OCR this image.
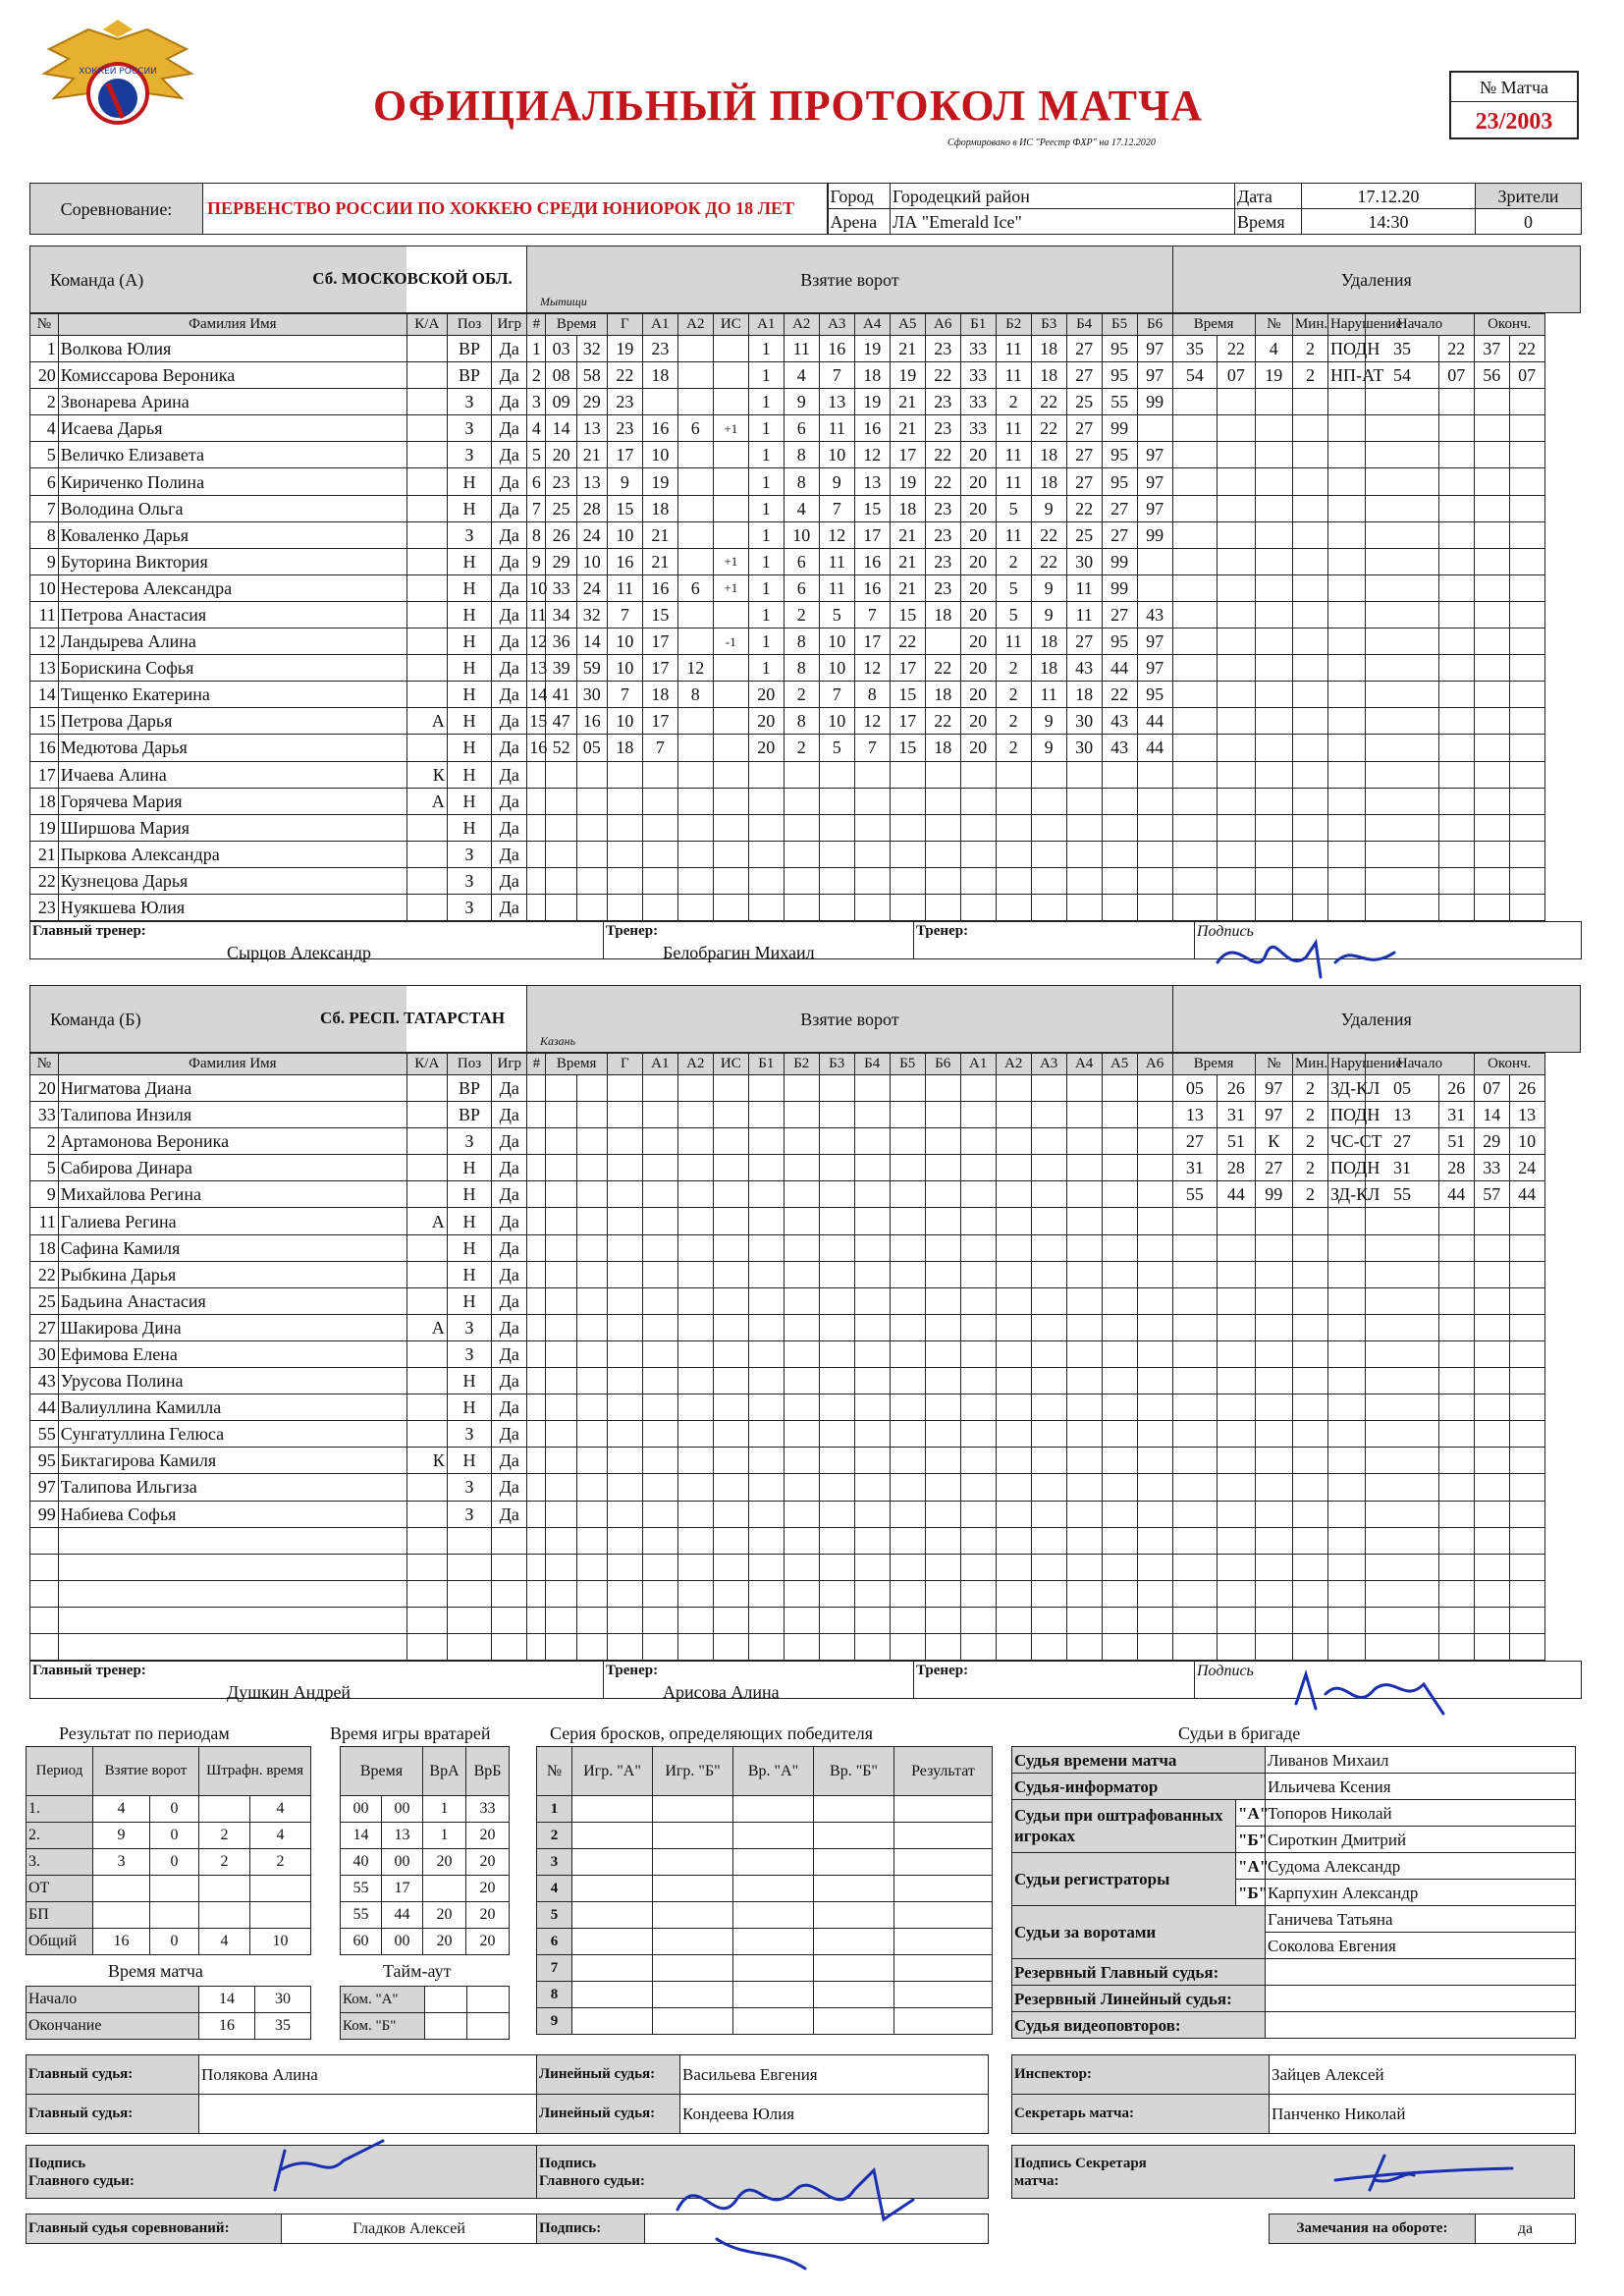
ХОККЕЙ РОССИИ
ОФИЦИАЛЬНЫЙ ПРОТОКОЛ МАТЧА
Сформировано в ИС "Реестр ФХР" на 17.12.2020
№ Матча
23/2003
Соревнование:	ПЕРВЕНСТВО РОССИИ ПО ХОККЕЮ СРЕДИ ЮНИОРОК ДО 18 ЛЕТ	Город	Городецкий район	Дата	17.12.20	Зрители
		Арена	ЛА "Emerald Ice"	Время	14:30	0
Команда (А)		Взятие ворот	Удаления
№	Фамилия Имя	К/А	Поз	Игр	#	Время		Г	А1	А2	ИС	А1	А2	А3	А4	А5	А6	Б1	Б2	Б3	Б4	Б5	Б6	Время		№	Мин.	Нарушение	Начало		Оконч.
1	Волкова Юлия		ВР	Да	1	03	32	19	23			1	11	16	19	21	23	33	11	18	27	95	97	35	22	4	2	ПОДН	35	22	37	22
20	Комиссарова Вероника		ВР	Да	2	08	58	22	18			1	4	7	18	19	22	33	11	18	27	95	97	54	07	19	2	НП-АТ	54	07	56	07
2	Звонарева Арина		З	Да	3	09	29	23				1	9	13	19	21	23	33	2	22	25	55	99									
4	Исаева Дарья		З	Да	4	14	13	23	16	6	+1	1	6	11	16	21	23	33	11	22	27	99										
5	Величко Елизавета		З	Да	5	20	21	17	10			1	8	10	12	17	22	20	11	18	27	95	97									
6	Кириченко Полина		Н	Да	6	23	13	9	19			1	8	9	13	19	22	20	11	18	27	95	97									
7	Володина Ольга		Н	Да	7	25	28	15	18			1	4	7	15	18	23	20	5	9	22	27	97									
8	Коваленко Дарья		З	Да	8	26	24	10	21			1	10	12	17	21	23	20	11	22	25	27	99									
9	Буторина Виктория		Н	Да	9	29	10	16	21		+1	1	6	11	16	21	23	20	2	22	30	99										
10	Нестерова Александра		Н	Да	10	33	24	11	16	6	+1	1	6	11	16	21	23	20	5	9	11	99										
11	Петрова Анастасия		Н	Да	11	34	32	7	15			1	2	5	7	15	18	20	5	9	11	27	43									
12	Ландырева Алина		Н	Да	12	36	14	10	17		-1	1	8	10	17	22		20	11	18	27	95	97									
13	Борискина Софья		Н	Да	13	39	59	10	17	12		1	8	10	12	17	22	20	2	18	43	44	97									
14	Тищенко Екатерина		Н	Да	14	41	30	7	18	8		20	2	7	8	15	18	20	2	11	18	22	95									
15	Петрова Дарья	А	Н	Да	15	47	16	10	17			20	8	10	12	17	22	20	2	9	30	43	44									
16	Медютова Дарья		Н	Да	16	52	05	18	7			20	2	5	7	15	18	20	2	9	30	43	44									
17	Ичаева Алина	К	Н	Да																												
18	Горячева Мария	А	Н	Да																												
19	Ширшова Мария		Н	Да																												
21	Пыркова Александра		З	Да																												
22	Кузнецова Дарья		З	Да																												
23	Нуякшева Юлия		З	Да																												
Главный тренер:
Сырцов Александр

Тренер:
Белобрагин Михаил

Тренер:	Подпись
Сб. МОСКОВСКОЙ ОБЛ.
Мытищи
Команда (Б)		Взятие ворот	Удаления
№	Фамилия Имя	К/А	Поз	Игр	#	Время		Г	А1	А2	ИС	Б1	Б2	Б3	Б4	Б5	Б6	А1	А2	А3	А4	А5	А6	Время		№	Мин.	Нарушение	Начало		Оконч.
20	Нигматова Диана		ВР	Да																				05	26	97	2	ЗД-КЛ	05	26	07	26
33	Талипова Инзиля		ВР	Да																				13	31	97	2	ПОДН	13	31	14	13
2	Артамонова Вероника		З	Да																				27	51	К	2	ЧС-СТ	27	51	29	10
5	Сабирова Динара		Н	Да																				31	28	27	2	ПОДН	31	28	33	24
9	Михайлова Регина		Н	Да																				55	44	99	2	ЗД-КЛ	55	44	57	44
11	Галиева Регина	А	Н	Да																												
18	Сафина Камиля		Н	Да																												
22	Рыбкина Дарья		Н	Да																												
25	Бадьина Анастасия		Н	Да																												
27	Шакирова Дина	А	З	Да																												
30	Ефимова Елена		З	Да																												
43	Урусова Полина		Н	Да																												
44	Валиуллина Камилла		Н	Да																												
55	Сунгатуллина Гелюса		З	Да																												
95	Биктагирова Камиля	К	Н	Да																												
97	Талипова Ильгиза		З	Да																												
99	Набиева Софья		З	Да																												

Главный тренер:
Душкин Андрей

Тренер:
Арисова Алина

Тренер:	Подпись
Сб. РЕСП. ТАТАРСТАН
Казань
Результат по периодам
Период	Взятие ворот		Штрафн. время	
1.	4	0		4
2.	9	0	2	4
3.	3	0	2	2
ОТ				
БП				
Общий	16	0	4	10
Время игры вратарей
Время		ВрА	ВрБ
00	00	1	33
14	13	1	20
40	00	20	20
55	17		20
55	44	20	20
60	00	20	20
Время матча
Начало	14	30
Окончание	16	35
Тайм-аут
Ком. "А"		
Ком. "Б"		
Серия бросков, определяющих победителя
№	Игр. "А"	Игр. "Б"	Вр. "А"	Вр. "Б"	Результат
1					
2					
3					
4					
5					
6					
7					
8					
9					
Судьи в бригаде
Судья времени матча		Ливанов Михаил
Судья-информатор		Ильичева Ксения
Судьи при оштрафованных игроках	"А"	Топоров Николай
	"Б"	Сироткин Дмитрий
Судьи регистраторы	"А"	Судома Александр
	"Б"	Карпухин Александр
Судьи за воротами		Ганичева Татьяна
		Соколова Евгения
Резервный Главный судья:		
Резервный Линейный судья:		
Судья видеоповторов:		
Главный судья:	Полякова Алина	Линейный судья:	Васильева Евгения
Главный судья:		Линейный судья:	Кондеева Юлия
Инспектор:	Зайцев Алексей
Секретарь матча:	Панченко Николай
Подпись Главного судьи:

Подпись Главного судьи:
Подпись Секретаря матча:
Главный судья соревнований:	Гладков Алексей	Подпись:		Замечания на обороте:	да
